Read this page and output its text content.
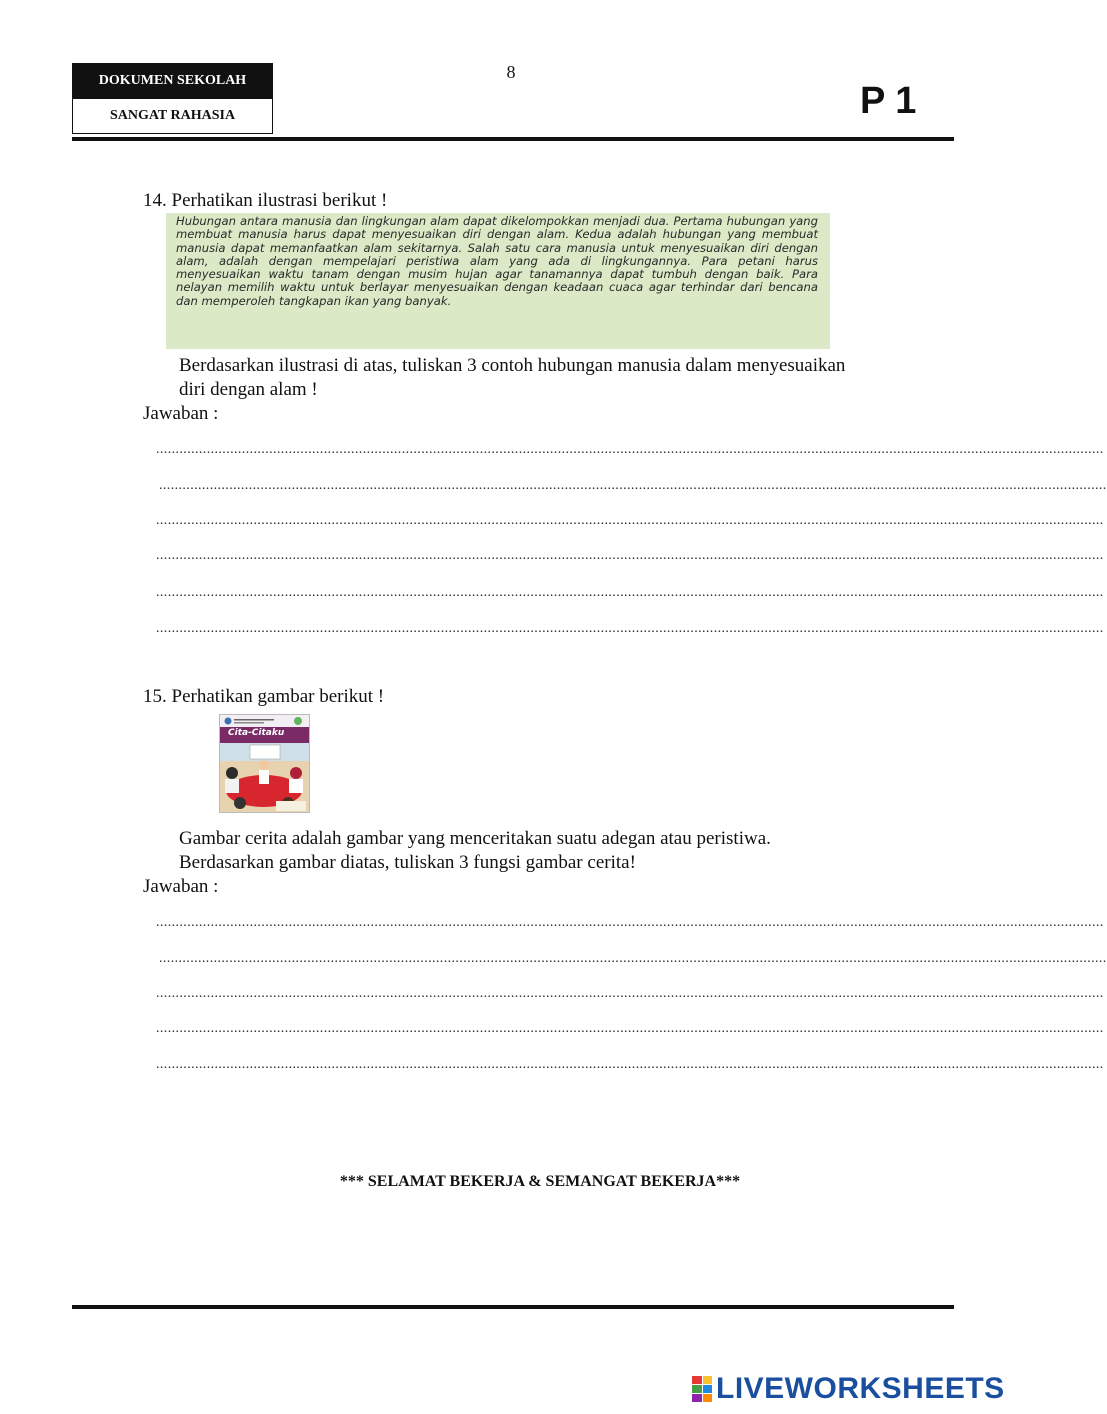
DOKUMEN SEKOLAH
SANGAT RAHASIA
8
P 1
14. Perhatikan ilustrasi berikut !
Hubungan antara manusia dan lingkungan alam dapat dikelompokkan menjadi dua. Pertama hubungan yang membuat manusia harus dapat menyesuaikan diri dengan alam. Kedua adalah hubungan yang membuat manusia dapat memanfaatkan alam sekitarnya. Salah satu cara manusia untuk menyesuaikan diri dengan alam, adalah dengan mempelajari peristiwa alam yang ada di lingkungannya. Para petani harus menyesuaikan waktu tanam dengan musim hujan agar tanamannya dapat tumbuh dengan baik. Para nelayan memilih waktu untuk berlayar menyesuaikan dengan keadaan cuaca agar terhindar dari bencana dan memperoleh tangkapan ikan yang banyak.
Berdasarkan ilustrasi di atas, tuliskan 3 contoh hubungan manusia dalam menyesuaikan
diri dengan alam !
Jawaban :
...................................................................................................................................................................................................................................................
...................................................................................................................................................................................................................................................
...................................................................................................................................................................................................................................................
...................................................................................................................................................................................................................................................
...................................................................................................................................................................................................................................................
...................................................................................................................................................................................................................................................
15. Perhatikan gambar berikut !
Cita-Citaku
Gambar cerita adalah gambar yang menceritakan suatu adegan atau peristiwa.
Berdasarkan gambar diatas, tuliskan 3 fungsi gambar cerita!
Jawaban :
...................................................................................................................................................................................................................................................
...................................................................................................................................................................................................................................................
...................................................................................................................................................................................................................................................
...................................................................................................................................................................................................................................................
...................................................................................................................................................................................................................................................
*** SELAMAT BEKERJA & SEMANGAT BEKERJA***
LIVEWORKSHEETS
